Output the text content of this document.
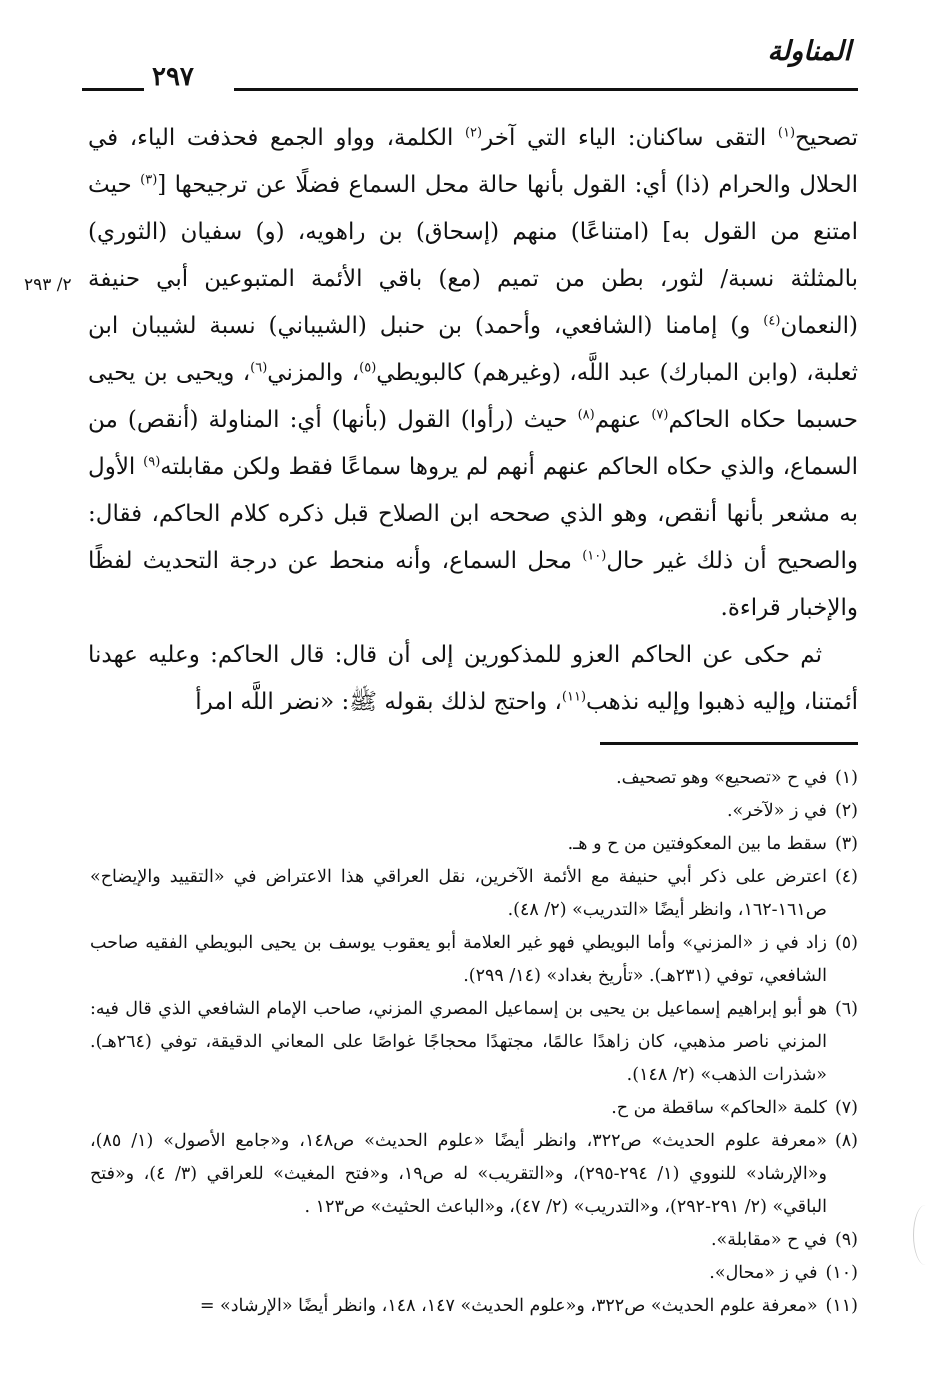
المناولة
٢٩٧

تصحيح$^{(١)}$ التقى ساكنان: الياء التي آخر$^{(٢)}$ الكلمة، وواو الجمع فحذفت الياء، في الحلال والحرام (ذا) أي: القول بأنها حالة محل السماع فضلًا عن ترجيحها [$^{(٣)}$ حيث امتنع من القول به] (امتناعًا) منهم (إسحاق) بن راهويه، (و) سفيان (الثوري) بالمثلثة نسبة/ لثور، بطن من تميم (مع) باقي الأئمة المتبوعين أبي حنيفة (النعمان$^{(٤)}$ و) إمامنا (الشافعي، وأحمد) بن حنبل (الشيباني) نسبة لشيبان ابن ثعلبة، (وابن المبارك) عبد اللَّه، (وغيرهم) كالبويطي$^{(٥)}$، والمزني$^{(٦)}$، ويحيى بن يحيى حسبما حكاه الحاكم$^{(٧)}$ عنهم$^{(٨)}$ حيث (رأوا) القول (بأنها) أي: المناولة (أنقص) من السماع، والذي حكاه الحاكم عنهم أنهم لم يروها سماعًا فقط ولكن مقابلته$^{(٩)}$ الأول به مشعر بأنها أنقص، وهو الذي صححه ابن الصلاح قبل ذكره كلام الحاكم، فقال: والصحيح أن ذلك غير حال$^{(١٠)}$ محل السماع، وأنه منحط عن درجة التحديث لفظًا والإخبار قراءة.

ثم حكى عن الحاكم العزو للمذكورين إلى أن قال: قال الحاكم: وعليه عهدنا أئمتنا، وإليه ذهبوا وإليه نذهب$^{(١١)}$، واحتج لذلك بقوله ﷺ: «نضر اللَّه امرأ

٢/ ٢٩٣
(١)
في ح «تصحيع» وهو تصحيف.
(٢)
في ز «لآخر».
(٣)
سقط ما بين المعكوفتين من ح و هـ.
(٤)
اعترض على ذكر أبي حنيفة مع الأئمة الآخرين، نقل العراقي هذا الاعتراض في «التقييد والإيضاح» ص١٦١-١٦٢، وانظر أيضًا «التدريب» (٢/ ٤٨).
(٥)
زاد في ز «المزني» وأما البويطي فهو غير العلامة أبو يعقوب يوسف بن يحيى البويطي الفقيه صاحب الشافعي، توفي (٢٣١هـ). «تأريخ بغداد» (١٤/ ٢٩٩).
(٦)
هو أبو إبراهيم إسماعيل بن يحيى بن إسماعيل المصري المزني، صاحب الإمام الشافعي الذي قال فيه: المزني ناصر مذهبي، كان زاهدًا عالمًا، مجتهدًا محجاجًا غواصًا على المعاني الدقيقة، توفي (٢٦٤هـ). «شذرات الذهب» (٢/ ١٤٨).
(٧)
كلمة «الحاكم» ساقطة من ح.
(٨)
«معرفة علوم الحديث» ص٣٢٢، وانظر أيضًا «علوم الحديث» ص١٤٨، و«جامع الأصول» (١/ ٨٥)، و«الإرشاد» للنووي (١/ ٢٩٤-٢٩٥)، و«التقريب» له ص١٩، و«فتح المغيث» للعراقي (٣/ ٤)، و«فتح الباقي» (٢/ ٢٩١-٢٩٢)، و«التدريب» (٢/ ٤٧)، و«الباعث الحثيث» ص١٢٣ .
(٩)
في ح «مقابلة».
(١٠)
في ز «محال».
(١١)
«معرفة علوم الحديث» ص٣٢٢، و«علوم الحديث» ١٤٧، ١٤٨، وانظر أيضًا «الإرشاد» =
